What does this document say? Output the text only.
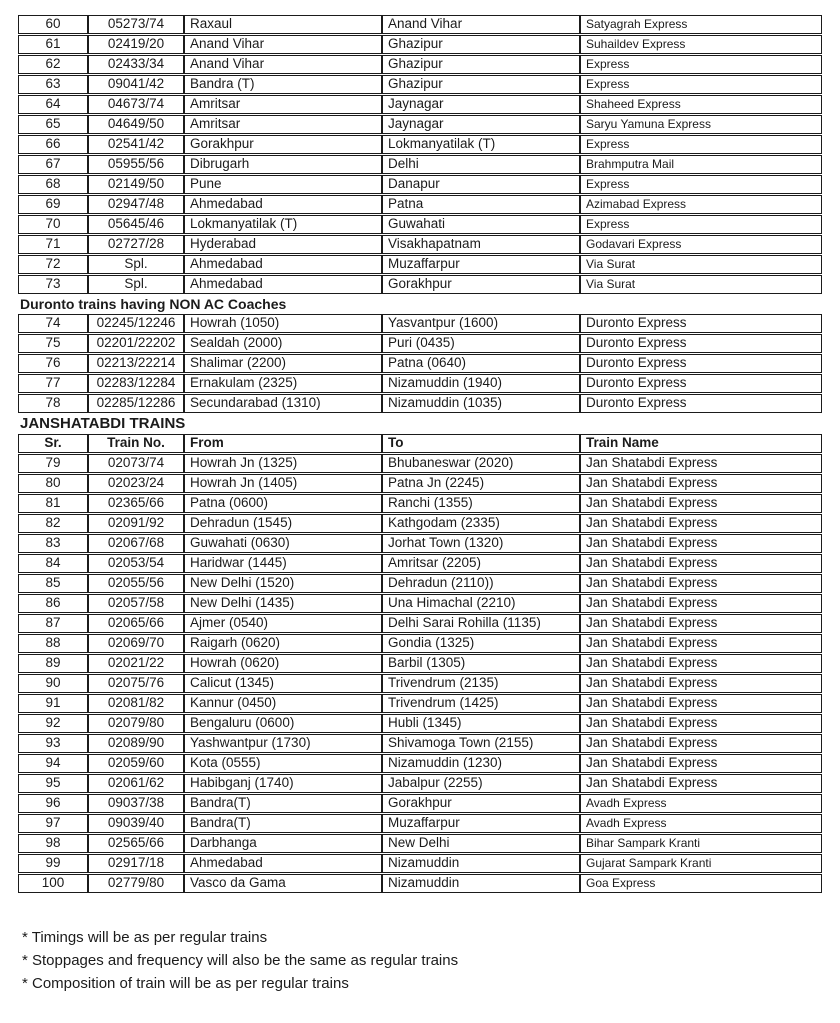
60	05273/74	Raxaul	Anand Vihar	Satyagrah Express
61	02419/20	Anand Vihar	Ghazipur	Suhaildev Express
62	02433/34	Anand Vihar	Ghazipur	Express
63	09041/42	Bandra (T)	Ghazipur	Express
64	04673/74	Amritsar	Jaynagar	Shaheed Express
65	04649/50	Amritsar	Jaynagar	Saryu Yamuna Express
66	02541/42	Gorakhpur	Lokmanyatilak (T)	Express
67	05955/56	Dibrugarh	Delhi	Brahmputra Mail
68	02149/50	Pune	Danapur	Express
69	02947/48	Ahmedabad	Patna	Azimabad Express
70	05645/46	Lokmanyatilak (T)	Guwahati	Express
71	02727/28	Hyderabad	Visakhapatnam	Godavari Express
72	Spl.	Ahmedabad	Muzaffarpur	Via Surat
73	Spl.	Ahmedabad	Gorakhpur	Via Surat
Duronto trains having NON AC Coaches
74	02245/12246	Howrah (1050)	Yasvantpur (1600)	Duronto Express
75	02201/22202	Sealdah (2000)	Puri (0435)	Duronto Express
76	02213/22214	Shalimar (2200)	Patna (0640)	Duronto Express
77	02283/12284	Ernakulam (2325)	Nizamuddin (1940)	Duronto Express
78	02285/12286	Secundarabad (1310)	Nizamuddin (1035)	Duronto Express
JANSHATABDI TRAINS
Sr.	Train No.	From	To	Train Name
79	02073/74	Howrah Jn (1325)	Bhubaneswar (2020)	Jan Shatabdi Express
80	02023/24	Howrah Jn (1405)	Patna Jn (2245)	Jan Shatabdi Express
81	02365/66	Patna (0600)	Ranchi (1355)	Jan Shatabdi Express
82	02091/92	Dehradun (1545)	Kathgodam (2335)	Jan Shatabdi Express
83	02067/68	Guwahati (0630)	Jorhat Town (1320)	Jan Shatabdi Express
84	02053/54	Haridwar (1445)	Amritsar (2205)	Jan Shatabdi Express
85	02055/56	New Delhi (1520)	Dehradun (2110))	Jan Shatabdi Express
86	02057/58	New Delhi (1435)	Una Himachal (2210)	Jan Shatabdi Express
87	02065/66	Ajmer (0540)	Delhi Sarai Rohilla (1135)	Jan Shatabdi Express
88	02069/70	Raigarh (0620)	Gondia (1325)	Jan Shatabdi Express
89	02021/22	Howrah (0620)	Barbil (1305)	Jan Shatabdi Express
90	02075/76	Calicut (1345)	Trivendrum (2135)	Jan Shatabdi Express
91	02081/82	Kannur (0450)	Trivendrum (1425)	Jan Shatabdi Express
92	02079/80	Bengaluru (0600)	Hubli (1345)	Jan Shatabdi Express
93	02089/90	Yashwantpur (1730)	Shivamoga Town (2155)	Jan Shatabdi Express
94	02059/60	Kota (0555)	Nizamuddin (1230)	Jan Shatabdi Express
95	02061/62	Habibganj (1740)	Jabalpur (2255)	Jan Shatabdi Express
96	09037/38	Bandra(T)	Gorakhpur	Avadh Express
97	09039/40	Bandra(T)	Muzaffarpur	Avadh Express
98	02565/66	Darbhanga	New Delhi	Bihar Sampark Kranti
99	02917/18	Ahmedabad	Nizamuddin	Gujarat Sampark Kranti
100	02779/80	Vasco da Gama	Nizamuddin	Goa Express
* Timings will be as per regular trains
* Stoppages and frequency will also be the same as regular trains
* Composition of train will be as per regular trains
